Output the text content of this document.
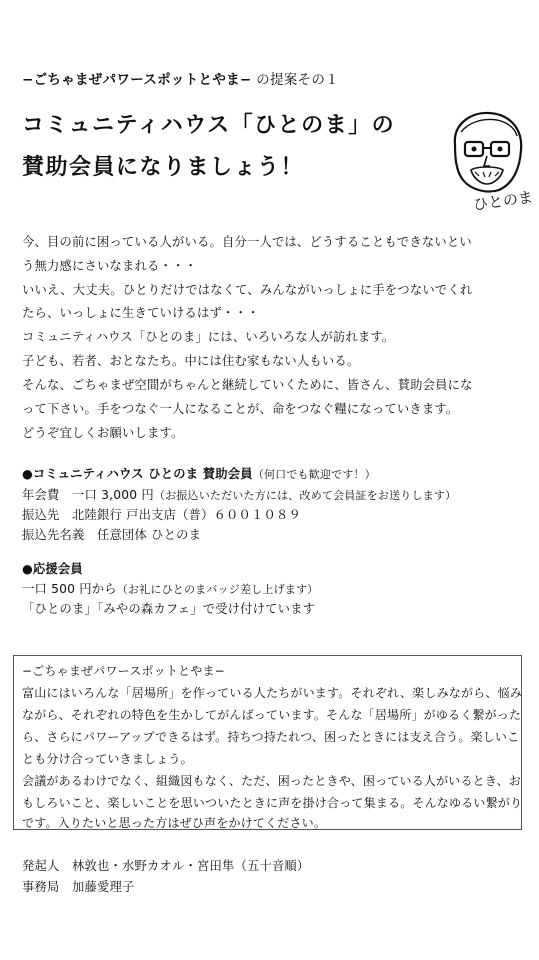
−ごちゃまぜパワースポットとやま− の提案その１
コミュニティハウス「ひとのま」の
賛助会員になりましょう！
ひとのま
今、目の前に困っている人がいる。自分一人では、どうすることもできないとい
う無力感にさいなまれる・・・
いいえ、大丈夫。ひとりだけではなくて、みんながいっしょに手をつないでくれ
たら、いっしょに生きていけるはず・・・
コミュニティハウス「ひとのま」には、いろいろな人が訪れます。
子ども、若者、おとなたち。中には住む家もない人もいる。
そんな、ごちゃまぜ空間がちゃんと継続していくために、皆さん、賛助会員にな
って下さい。手をつなぐ一人になることが、命をつなぐ糧になっていきます。
どうぞ宜しくお願いします。
●コミュニティハウス ひとのま 賛助会員（何口でも歓迎です！）
年会費　一口 3,000 円（お振込いただいた方には、改めて会員証をお送りします）
振込先　北陸銀行 戸出支店（普）６００１０８９
振込先名義　任意団体 ひとのま
●応援会員
一口 500 円から（お礼にひとのまバッジ差し上げます）
「ひとのま」「みやの森カフェ」で受け付けています
−ごちゃまぜパワースポットとやま−
富山にはいろんな「居場所」を作っている人たちがいます。それぞれ、楽しみながら、悩み
ながら、それぞれの特色を生かしてがんばっています。そんな「居場所」がゆるく繋がった
ら、さらにパワーアップできるはず。持ちつ持たれつ、困ったときには支え合う。楽しいこ
とも分け合っていきましょう。
会議があるわけでなく、組織図もなく、ただ、困ったときや、困っている人がいるとき、お
もしろいこと、楽しいことを思いついたときに声を掛け合って集まる。そんなゆるい繋がり
です。入りたいと思った方はぜひ声をかけてください。
発起人　林敦也・水野カオル・宮田隼（五十音順）
事務局　加藤愛理子
